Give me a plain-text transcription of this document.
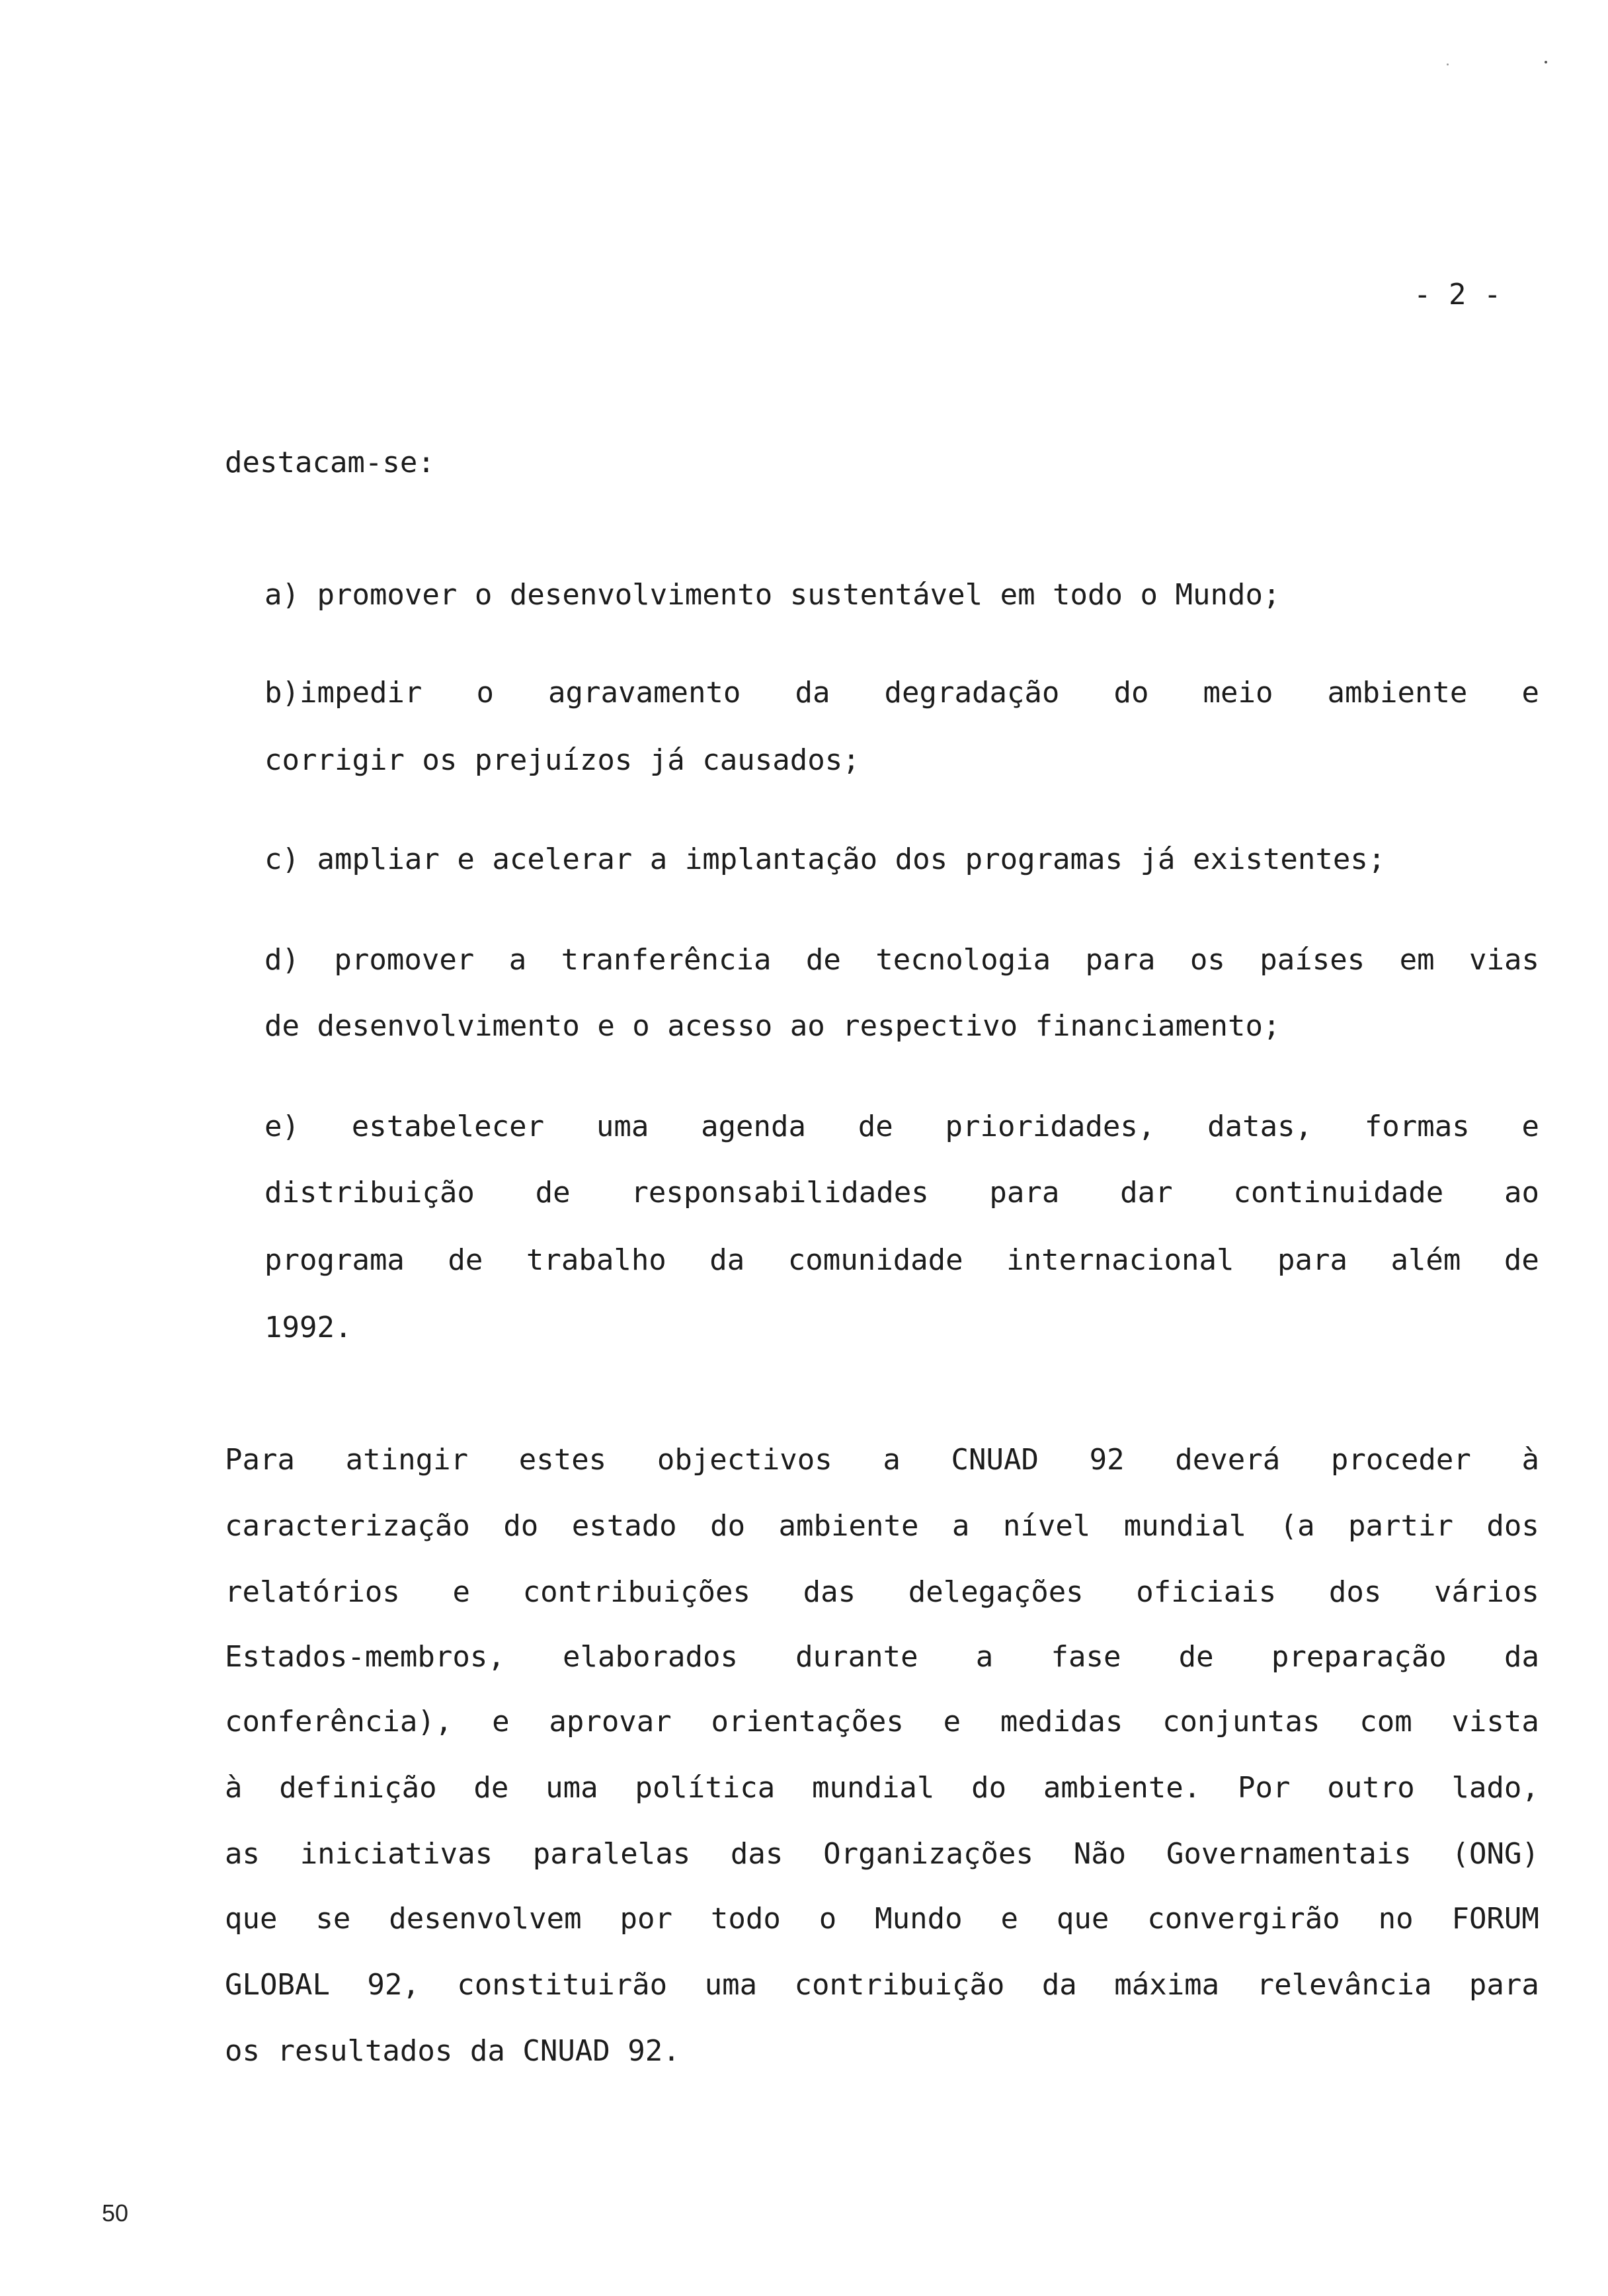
- 2 -
destacam-se:
a) promover o desenvolvimento sustentável em todo o Mundo;
b)impedir o agravamento da degradação do meio ambiente e
corrigir os prejuízos já causados;
c) ampliar e acelerar a implantação dos programas já existentes;
d) promover a tranferência de tecnologia para os países em vias
de desenvolvimento e o acesso ao respectivo financiamento;
e) estabelecer uma agenda de prioridades, datas, formas e
distribuição de responsabilidades para dar continuidade ao
programa de trabalho da comunidade internacional para além de
1992.
Para atingir estes objectivos a CNUAD 92 deverá proceder à
caracterização do estado do ambiente a nível mundial (a partir dos
relatórios e contribuições das delegações oficiais dos vários
Estados-membros, elaborados durante a fase de preparação da
conferência), e aprovar orientações e medidas conjuntas com vista
à definição de uma política mundial do ambiente. Por outro lado,
as iniciativas paralelas das Organizações Não Governamentais (ONG)
que se desenvolvem por todo o Mundo e que convergirão no FORUM
GLOBAL 92, constituirão uma contribuição da máxima relevância para
os resultados da CNUAD 92.
50
